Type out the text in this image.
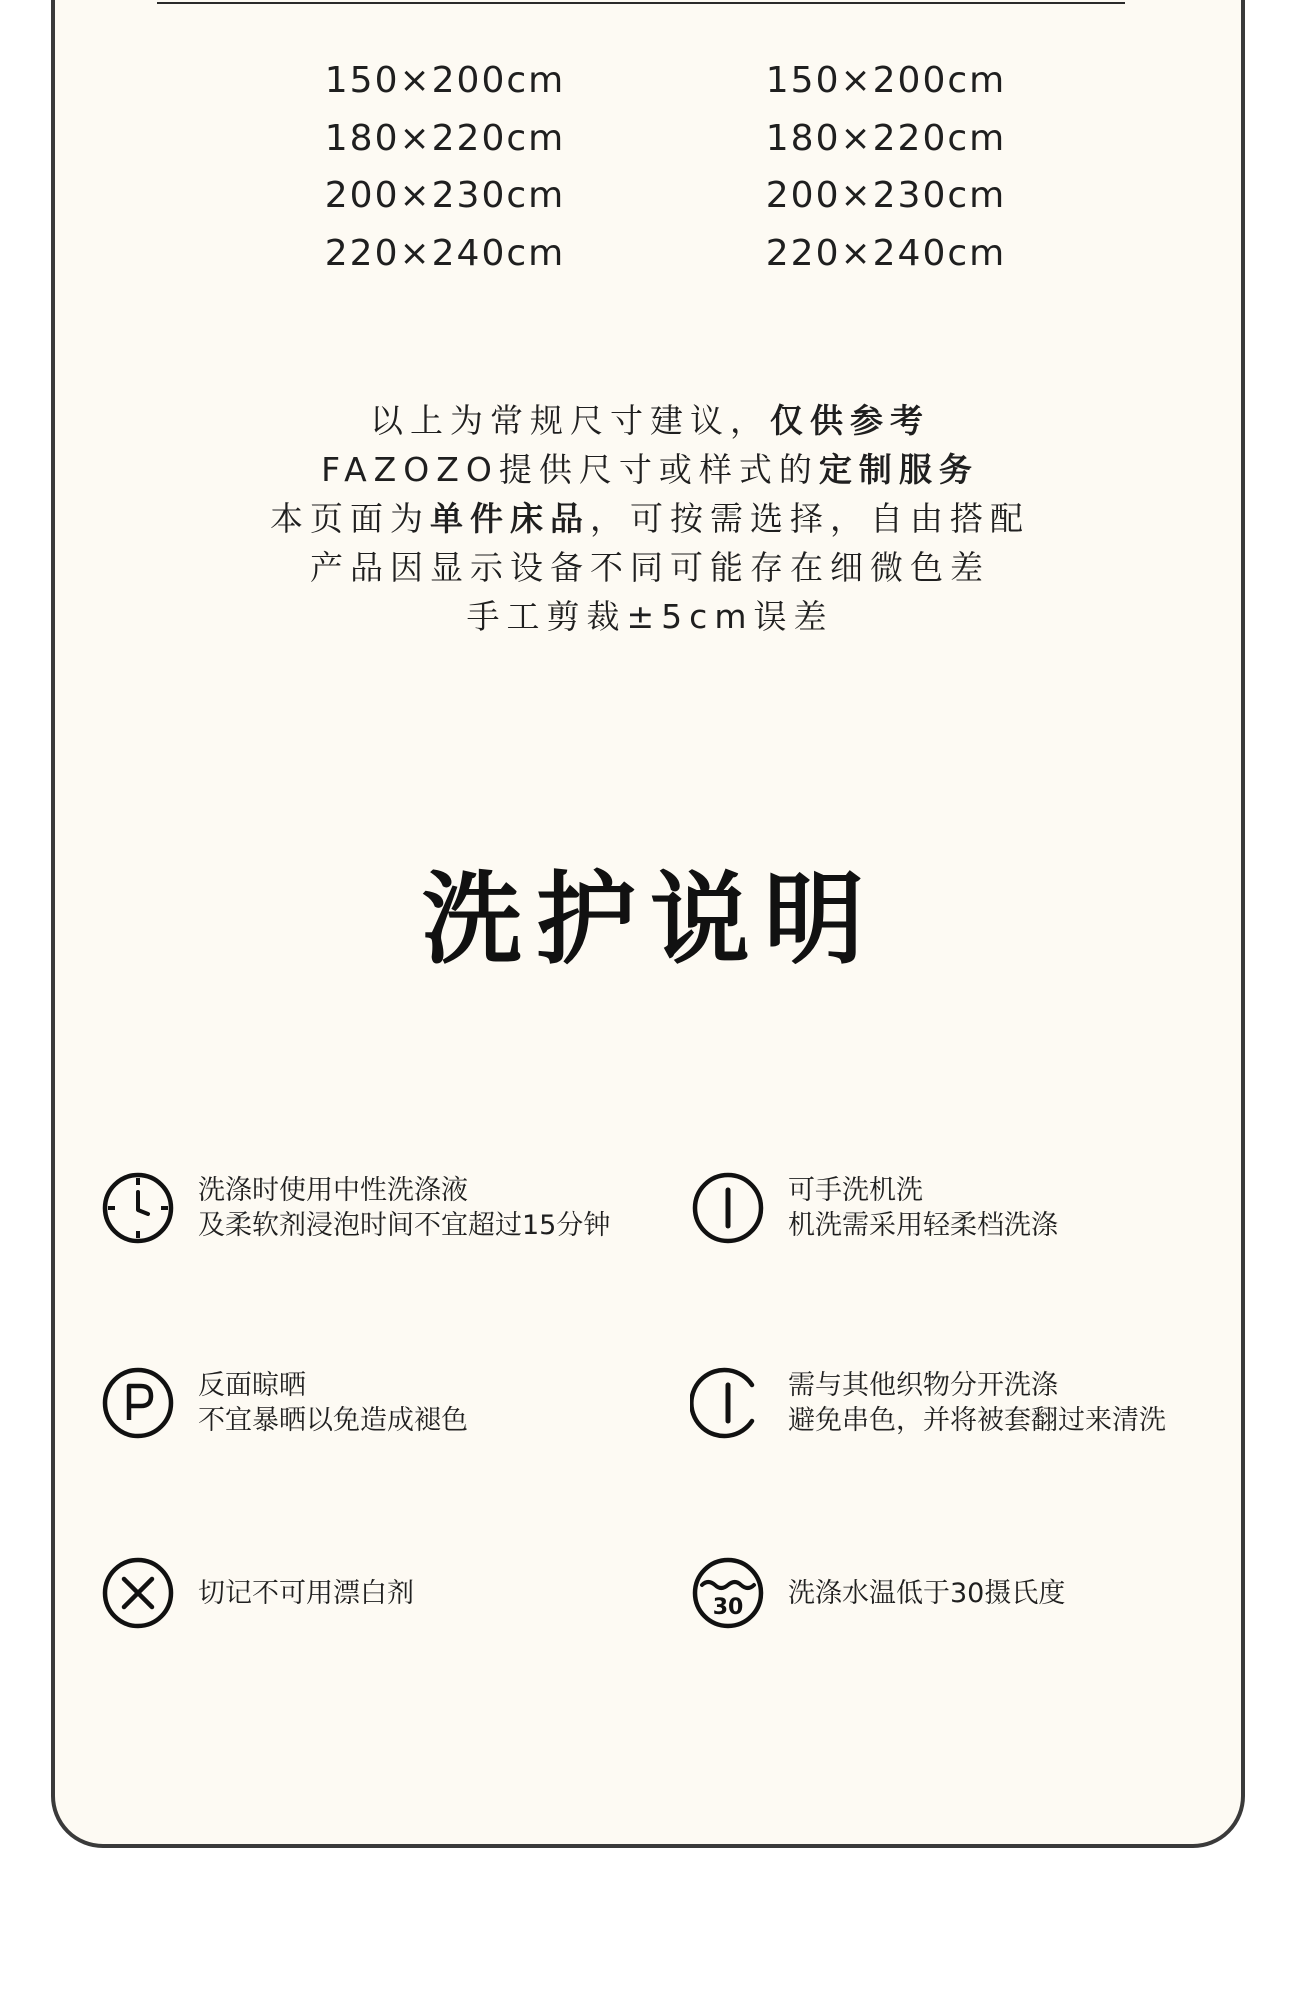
150×200cm
180×220cm
200×230cm
220×240cm
150×200cm
180×220cm
200×230cm
220×240cm
以上为常规尺寸建议，仅供参考
FAZOZO提供尺寸或样式的定制服务
本页面为单件床品，可按需选择，自由搭配
产品因显示设备不同可能存在细微色差
手工剪裁±5cm误差
洗护说明
洗涤时使用中性洗涤液
及柔软剂浸泡时间不宜超过15分钟
可手洗机洗
机洗需采用轻柔档洗涤
反面晾晒
不宜暴晒以免造成褪色
需与其他织物分开洗涤
避免串色，并将被套翻过来清洗
切记不可用漂白剂	30 洗涤水温低于30摄氏度
